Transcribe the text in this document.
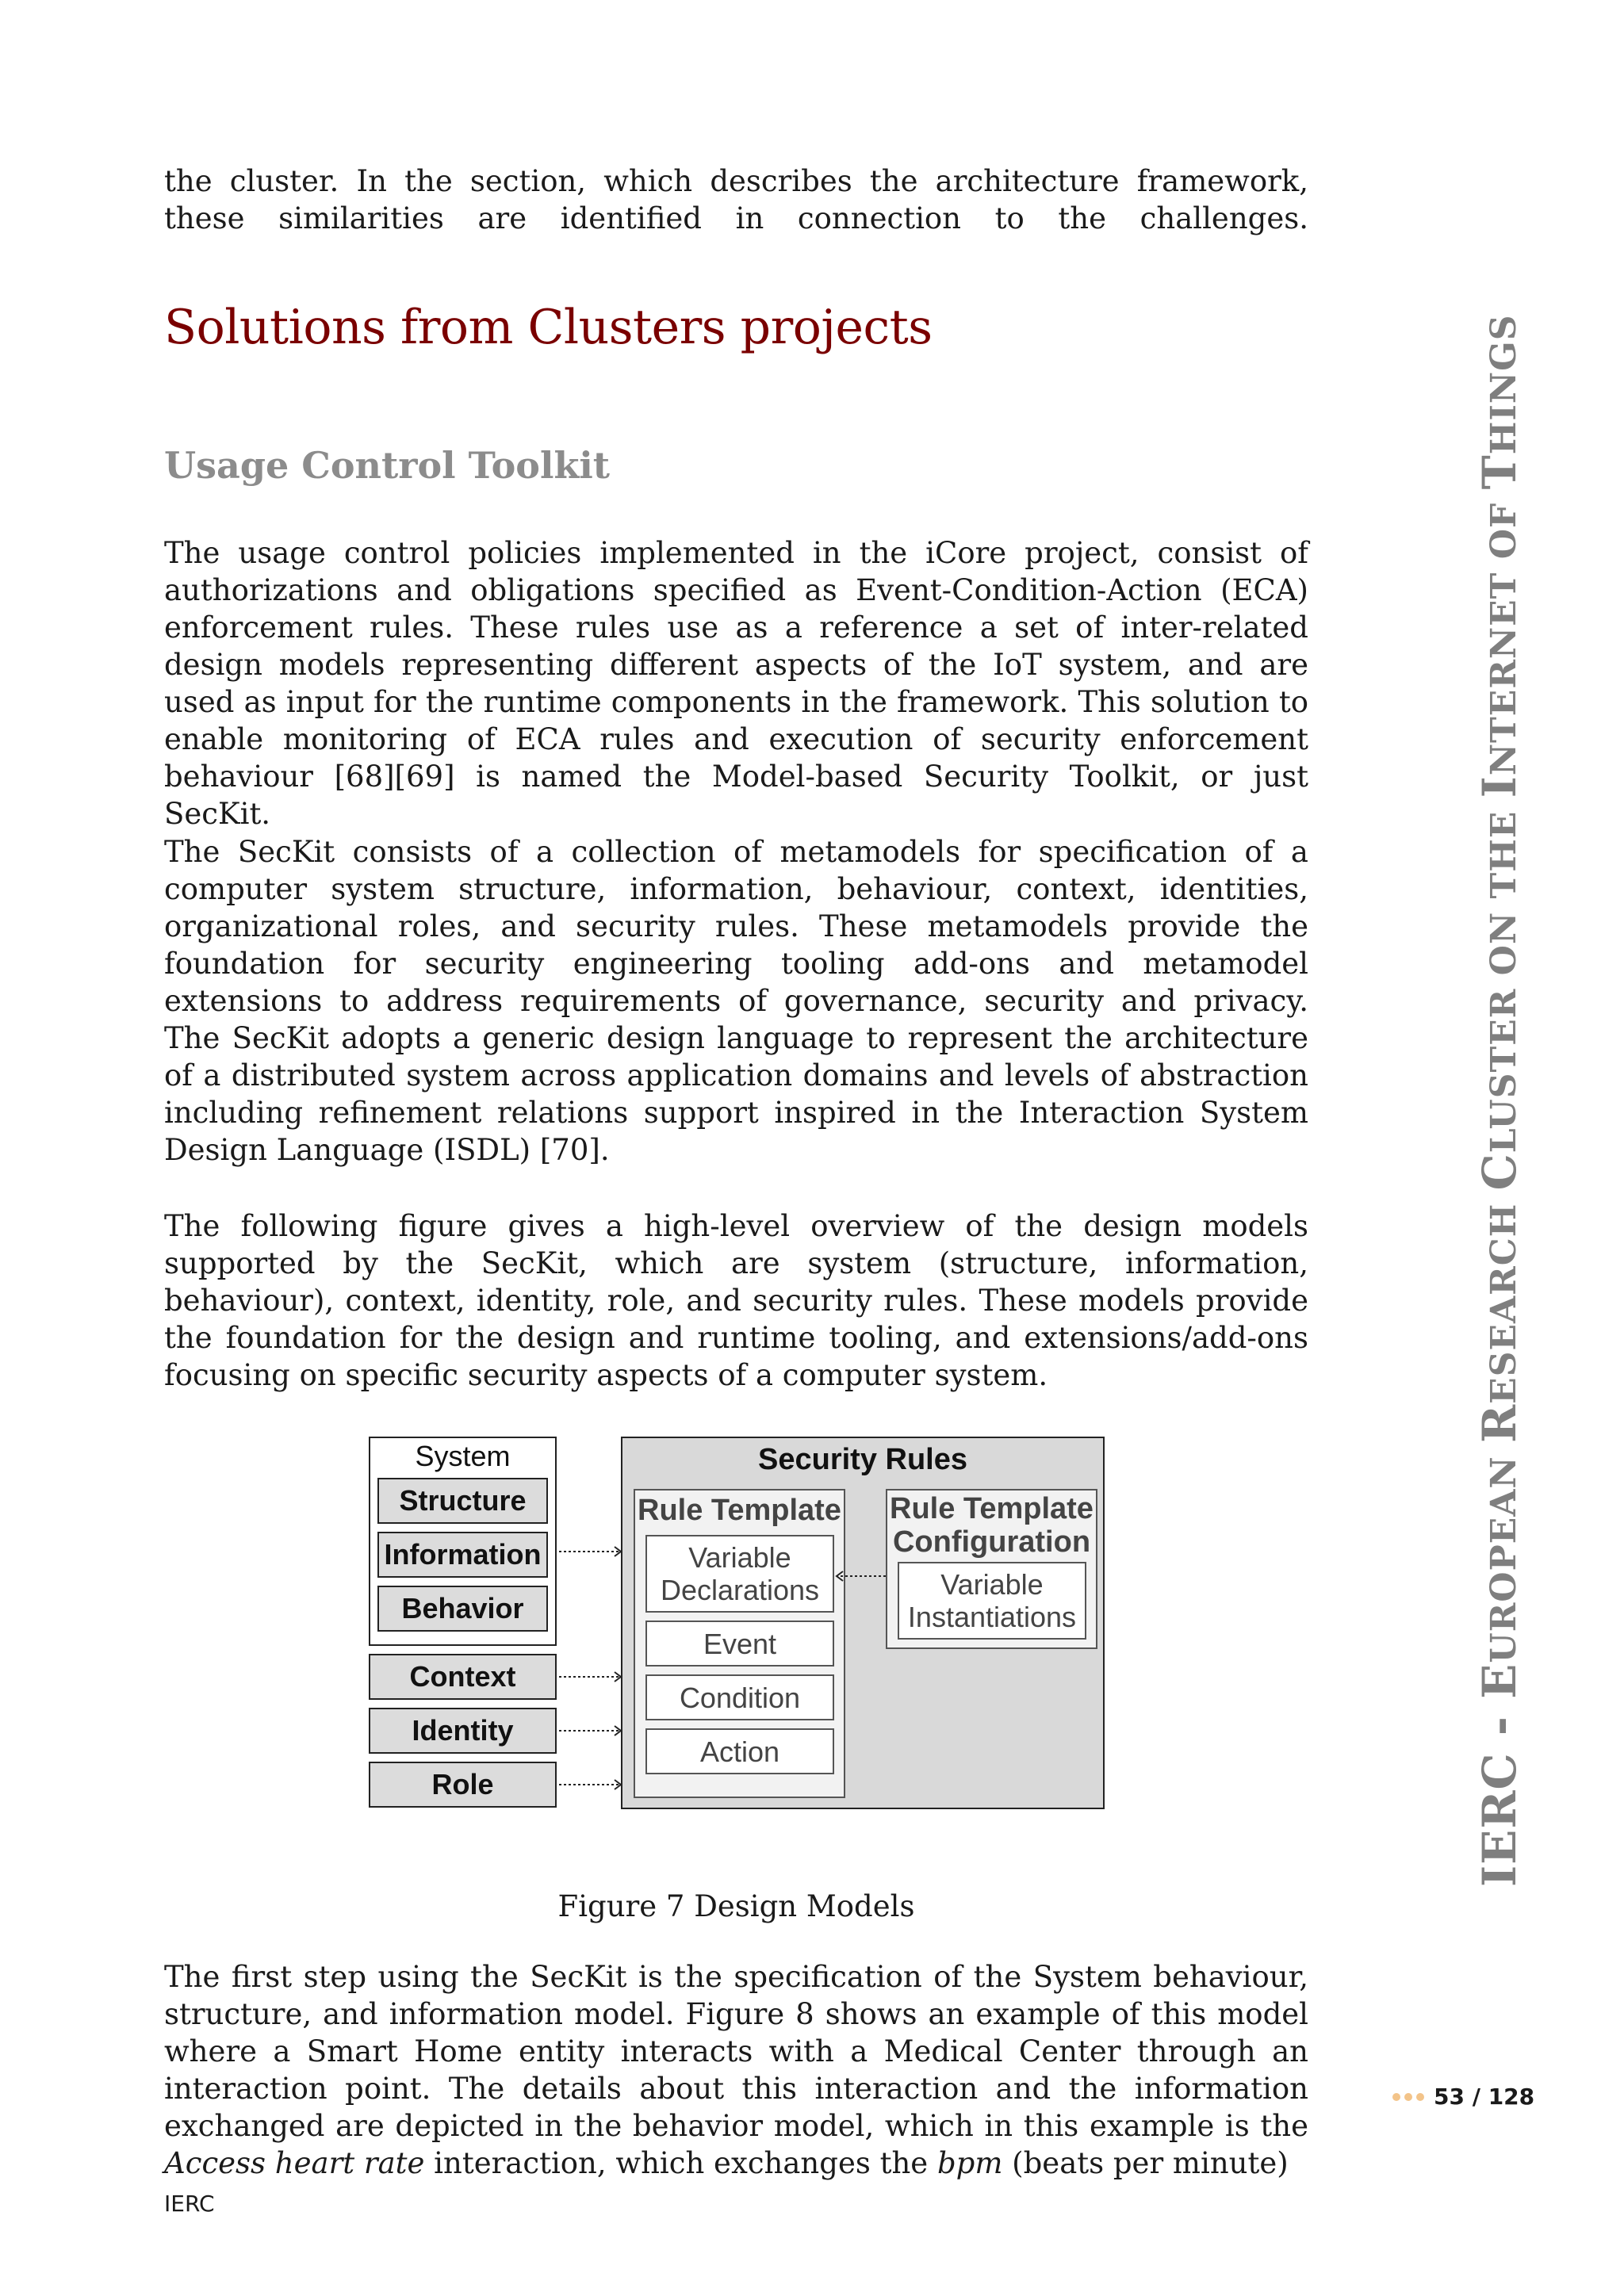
the cluster. In the section, which describes the architecture framework, these similarities are identified in connection to the challenges.

Solutions from Clusters projects
Usage Control Toolkit

The usage control policies implemented in the iCore project, consist of authorizations and obligations specified as Event-Condition-Action (ECA) enforcement rules. These rules use as a reference a set of inter-related design models representing different aspects of the IoT system, and are used as input for the runtime components in the framework. This solution to enable monitoring of ECA rules and execution of security enforcement behaviour [68][69] is named the Model-based Security Toolkit, or just SecKit.

The SecKit consists of a collection of metamodels for specification of a computer system structure, information, behaviour, context, identities, organizational roles, and security rules. These metamodels provide the foundation for security engineering tooling add-ons and metamodel extensions to address requirements of governance, security and privacy. The SecKit adopts a generic design language to represent the architecture of a distributed system across application domains and levels of abstraction including refinement relations support inspired in the Interaction System Design Language (ISDL) [70].

The following figure gives a high-level overview of the design models supported by the SecKit, which are system (structure, information, behaviour), context, identity, role, and security rules. These models provide the foundation for the design and runtime tooling, and extensions/add-ons focusing on specific security aspects of a computer system.

System
Structure
Information
Behavior
Context
Identity
Role
Security Rules
Rule Template
Variable Declarations
Event
Condition
Action
Rule Template
Configuration
Variable Instantiations
Figure 7 Design Models

The first step using the SecKit is the specification of the System behaviour, structure, and information model. Figure 8 shows an example of this model where a Smart Home entity interacts with a Medical Center through an interaction point. The details about this interaction and the information exchanged are depicted in the behavior model, which in this example is the Access heart rate interaction, which exchanges the bpm (beats per minute)

IERC
IERC - EUROPEAN RESEARCH CLUSTER ON THE INTERNET OF THINGS
53 / 128
